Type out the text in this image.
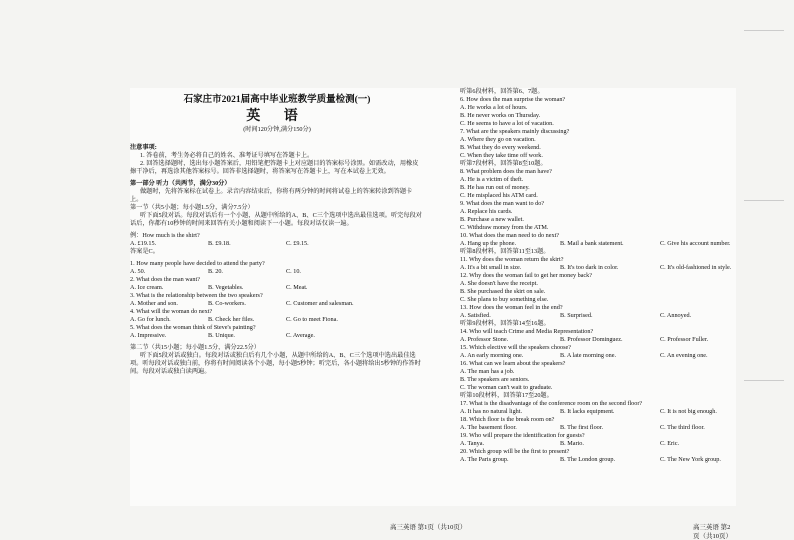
石家庄市2021届高中毕业班教学质量检测(一)
英 语
(时间120分钟,满分150分)
注意事项:
1. 答卷前，考生务必将自己的姓名、准考证号填写在答题卡上。
2. 回答选择题时，选出每小题答案后，用铅笔把答题卡上对应题目的答案标号涂黑。如需改动，用橡皮擦干净后，再选涂其他答案标号。回答非选择题时，将答案写在答题卡上，写在本试卷上无效。
第一部分 听力（共两节，满分30分）
做题时，先将答案标在试卷上。录音内容结束后，你将有两分钟的时间将试卷上的答案转涂到答题卡上。
第一节（共5小题；每小题1.5分，满分7.5分）
听下面5段对话。每段对话后有一个小题，从题中所给的A、B、C三个选项中选出最佳选项。听完每段对话后，你都有10秒钟的时间来回答有关小题和阅读下一小题。每段对话仅读一遍。
例：How much is the shirt?
A. £19.15.	B. £9.18.	C. £9.15.
答案是C。
1. How many people have decided to attend the party?
A. 50.	B. 20.	C. 10.
2. What does the man want?
A. Ice cream.	B. Vegetables.	C. Meat.
3. What is the relationship between the two speakers?
A. Mother and son.	B. Co-workers.	C. Customer and salesman.
4. What will the woman do next?
A. Go for lunch.	B. Check her files.	C. Go to meet Fiona.
5. What does the woman think of Steve's painting?
A. Impressive.	B. Unique.	C. Average.
第二节（共15小题；每小题1.5分，满分22.5分）
听下面5段对话或独白。每段对话或独白后有几个小题，从题中所给的A、B、C三个选项中选出最佳选项。听每段对话或独白前，你将有时间阅读各个小题，每小题5秒钟；听完后，各小题将给出5秒钟的作答时间。每段对话或独白读两遍。
听第6段材料，回答第6、7题。
6. How does the man surprise the woman?
A. He works a lot of hours.
B. He never works on Thursday.
C. He seems to have a lot of vacation.
7. What are the speakers mainly discussing?
A. Where they go on vacation.
B. What they do every weekend.
C. When they take time off work.
听第7段材料，回答第8至10题。
8. What problem does the man have?
A. He is a victim of theft.
B. He has run out of money.
C. He misplaced his ATM card.
9. What does the man want to do?
A. Replace his cards.
B. Purchase a new wallet.
C. Withdraw money from the ATM.
10. What does the man need to do next?
A. Hang up the phone.	B. Mail a bank statement.	C. Give his account number.
听第8段材料，回答第11至13题。
11. Why does the woman return the skirt?
A. It's a bit small in size.	B. It's too dark in color.	C. It's old-fashioned in style.
12. Why does the woman fail to get her money back?
A. She doesn't have the receipt.
B. She purchased the skirt on sale.
C. She plans to buy something else.
13. How does the woman feel in the end?
A. Satisfied.	B. Surprised.	C. Annoyed.
听第9段材料，回答第14至16题。
14. Who will teach Crime and Media Representation?
A. Professor Stone.	B. Professor Dominguez.	C. Professor Fuller.
15. Which elective will the speakers choose?
A. An early morning one.	B. A late morning one.	C. An evening one.
16. What can we learn about the speakers?
A. The man has a job.
B. The speakers are seniors.
C. The woman can't wait to graduate.
听第10段材料，回答第17至20题。
17. What is the disadvantage of the conference room on the second floor?
A. It has no natural light.	B. It lacks equipment.	C. It is not big enough.
18. Which floor is the break room on?
A. The basement floor.	B. The first floor.	C. The third floor.
19. Who will prepare the identification for guests?
A. Tanya.	B. Mario.	C. Eric.
20. Which group will be the first to present?
A. The Paris group.	B. The London group.	C. The New York group.
高三英语 第1页（共10页）	高三英语 第2页（共10页）
